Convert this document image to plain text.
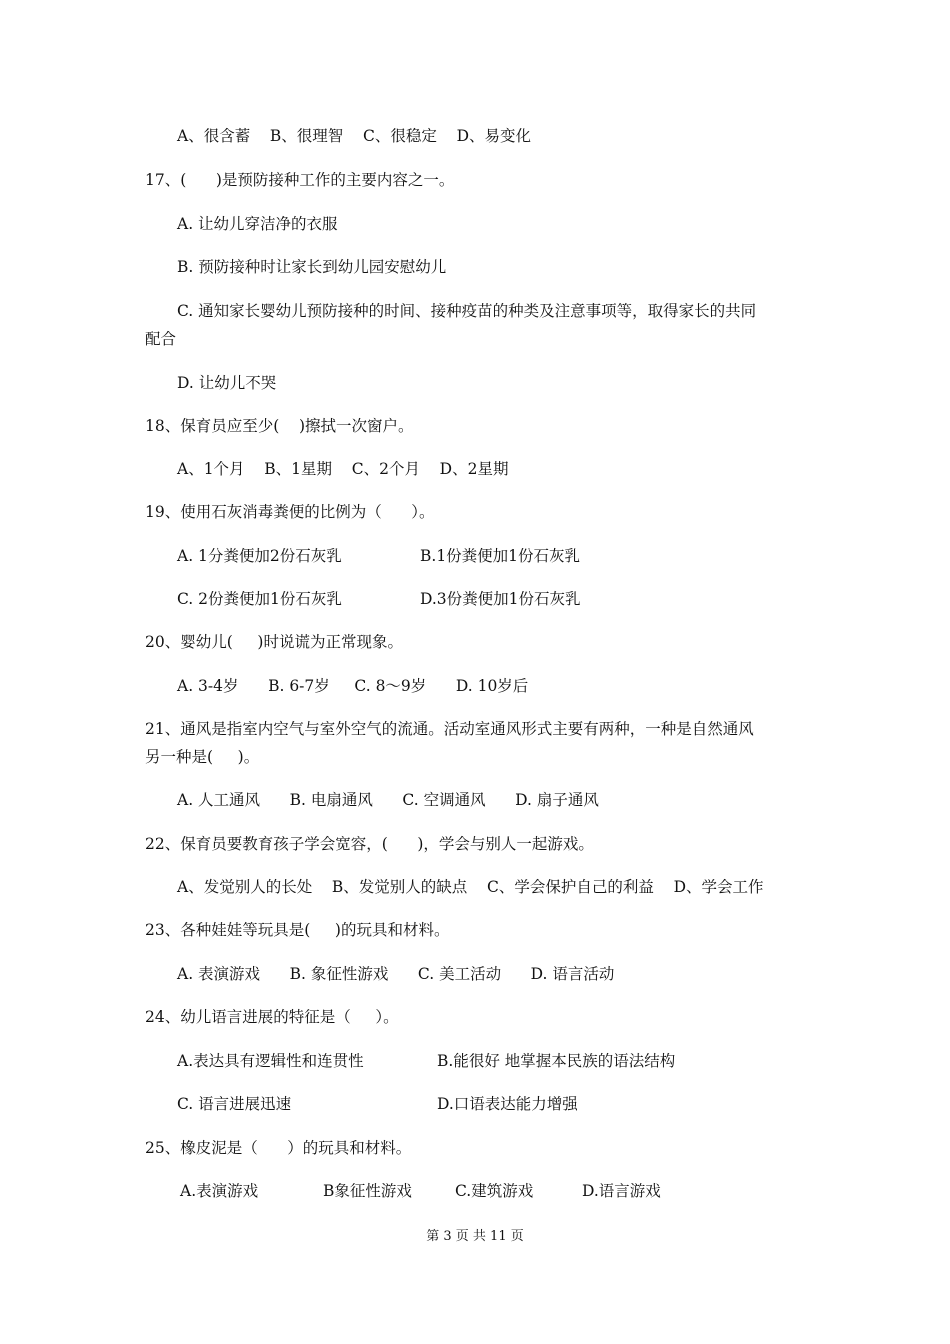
A、很含蓄    B、很理智    C、很稳定    D、易变化
17、(      )是预防接种工作的主要内容之一。
A. 让幼儿穿洁净的衣服
B. 预防接种时让家长到幼儿园安慰幼儿
C. 通知家长婴幼儿预防接种的时间、接种疫苗的种类及注意事项等，取得家长的共同
配合
D. 让幼儿不哭
18、保育员应至少(    )擦拭一次窗户。
A、1个月    B、1星期    C、2个月    D、2星期
19、使用石灰消毒粪便的比例为（      ）。
A. 1分粪便加2份石灰乳	B.1份粪便加1份石灰乳
C. 2份粪便加1份石灰乳	D.3份粪便加1份石灰乳
20、婴幼儿(     )时说谎为正常现象。
A. 3-4岁      B. 6-7岁     C. 8～9岁      D. 10岁后
21、通风是指室内空气与室外空气的流通。活动室通风形式主要有两种，一种是自然通风
另一种是(     )。
A. 人工通风      B. 电扇通风      C. 空调通风      D. 扇子通风
22、保育员要教育孩子学会宽容，(      )，学会与别人一起游戏。
A、发觉别人的长处    B、发觉别人的缺点    C、学会保护自己的利益    D、学会工作
23、各种娃娃等玩具是(     )的玩具和材料。
A. 表演游戏      B. 象征性游戏      C. 美工活动      D. 语言活动
24、幼儿语言进展的特征是（     ）。
A.表达具有逻辑性和连贯性	B.能很好 地掌握本民族的语法结构
C. 语言进展迅速	D.口语表达能力增强
25、橡皮泥是（      ）的玩具和材料。
A.表演游戏	B象征性游戏	C.建筑游戏	D.语言游戏
第 3 页 共 11 页
